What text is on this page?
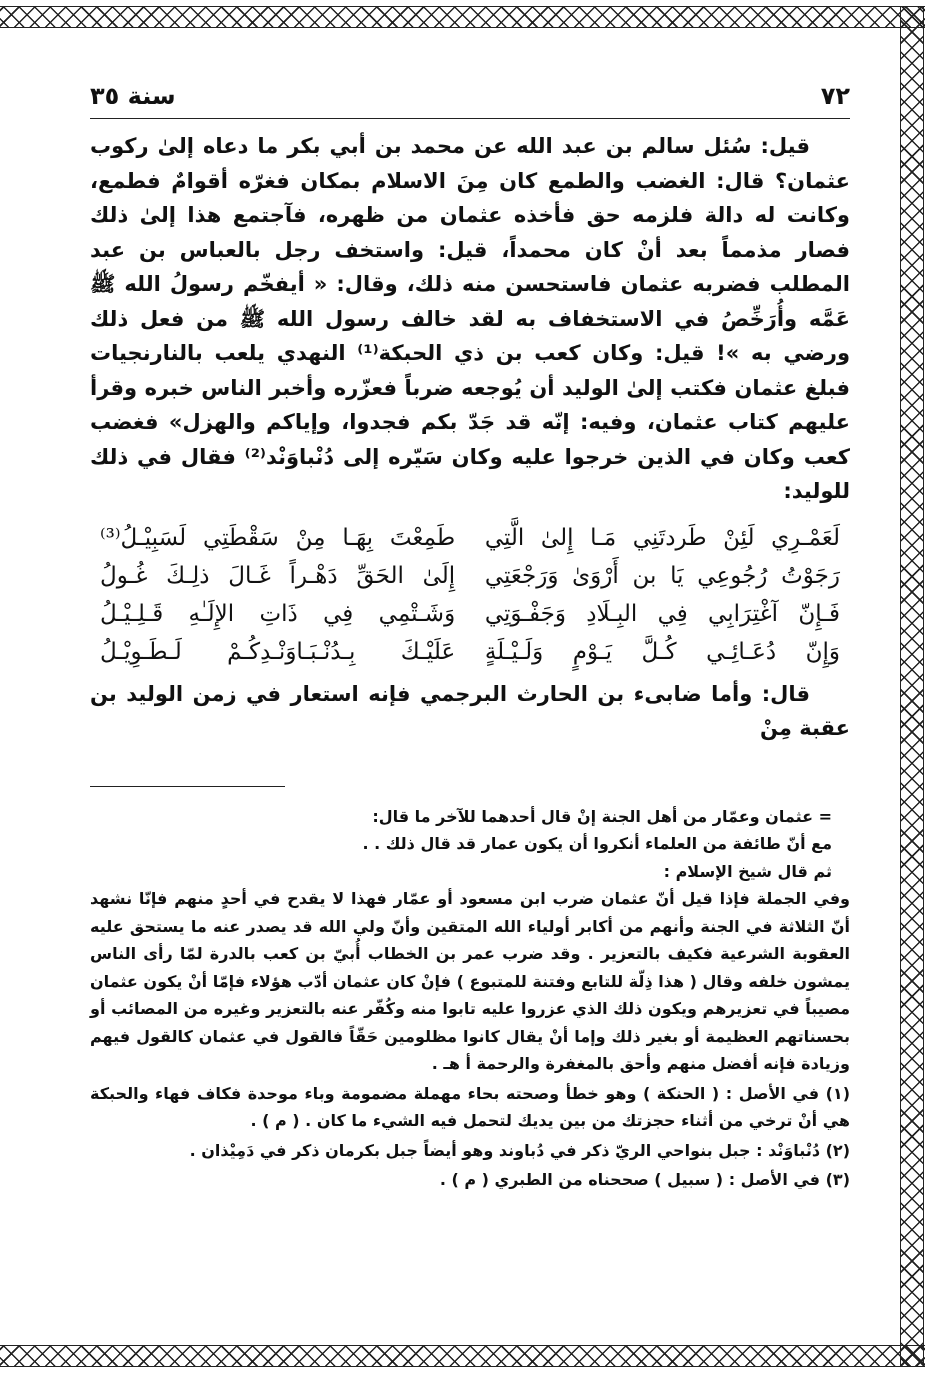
٧٢
سنة ٣٥

قيل: سُئل سالم بن عبد الله عن محمد بن أبي بكر ما دعاه إلىٰ ركوب عثمان؟ قال: الغضب والطمع كان مِنَ الاسلام بمكان فغرّه أقوامٌ فطمع، وكانت له دالة فلزمه حق فأخذه عثمان من ظهره، فآجتمع هذا إلىٰ ذلك فصار مذمماً بعد أنْ كان محمداً، قيل: واستخف رجل بالعباس بن عبد المطلب فضربه عثمان فاستحسن منه ذلك، وقال: « أيفخّم رسولُ الله ﷺ عَمَّه وأُرَخِّصُ في الاستخفاف به لقد خالف رسول الله ﷺ من فعل ذلك ورضي به »! قيل: وكان كعب بن ذي الحبكة⁽¹⁾ النهدي يلعب بالنارنجيات فبلغ عثمان فكتب إلىٰ الوليد أن يُوجعه ضرباً فعزّره وأخبر الناس خبره وقرأ عليهم كتاب عثمان، وفيه: إنّه قد جَدّ بكم فجدوا، وإياكم والهزل» فغضب كعب وكان في الذين خرجوا عليه وكان سَيّره إلى دُنْباوَنْد⁽²⁾ فقال في ذلك للوليد:

لَعَمْـرِي لَئِنْ طَردتَنِي مَـا إِلىٰ الَّتِي
طَمِعْتَ بِهَـا مِنْ سَقْطَتِي لَسَبِيْـلُ⁽³⁾
رَجَوْتُ رُجُوعِي يَا بن أَرْوَىٰ وَرَجْعَتِي
إِلَىٰ الحَقِّ دَهْـراً غَـالَ ذلِـكَ غُـولُ
فَـإِنّ آغْتِرَابِي فِي البِـلَادِ وَجَفْـوَتِي
وَشَـتْمِي فِي ذَاتِ الإِلَـٰهِ قَـلِـيْـلُ
وَإِنّ دُعَـائِـي كُـلَّ يَـوْمٍ وَلَـيْـلَةٍ
عَلَيْـكَ بِـدُنْـبَـاوَنْـدِكُـمْ لَـطَـوِيْـلُ

قال: وأما ضابىء بن الحارث البرجمي فإنه استعار في زمن الوليد بن عقبة مِنْ

= عثمان وعمّار من أهل الجنة إنْ قال أحدهما للآخر ما قال:

مع أنّ طائفة من العلماء أنكروا أن يكون عمار قد قال ذلك . .

ثم قال شيخ الإسلام :

وفي الجملة فإذا قيل أنّ عثمان ضرب ابن مسعود أو عمّار فهذا لا يقدح في أحدٍ منهم فإنّا نشهد أنّ الثلاثة في الجنة وأنهم من أكابر أولياء الله المتقين وأنّ ولي الله قد يصدر عنه ما يستحق عليه العقوبة الشرعية فكيف بالتعزير . وقد ضرب عمر بن الخطاب أُبيّ بن كعب بالدرة لمّا رأى الناس يمشون خلفه وقال ( هذا ذِلّة للتابع وفتنة للمتبوع ) فإنْ كان عثمان أدّب هؤلاء فإمّا أنْ يكون عثمان مصيباً في تعزيرهم ويكون ذلك الذي عزروا عليه تابوا منه وكُفّر عنه بالتعزير وغيره من المصائب أو بحسناتهم العظيمة أو بغير ذلك وإما أنْ يقال كانوا مظلومين حَقّاً فالقول في عثمان كالقول فيهم وزيادة فإنه أفضل منهم وأحق بالمغفرة والرحمة أ هـ .

(١) في الأصل : ( الحنكة ) وهو خطأ وصحته بحاء مهملة مضمومة وباء موحدة فكاف فهاء والحبكة هي أنْ ترخي من أثناء حجزتك من بين يديك لتحمل فيه الشيء ما كان . ( م ) .

(٢) دُنْباوَنْد : جبل بنواحي الريّ ذكر في دُباوند وهو أيضاً جبل بكرمان ذكر في دَمِيْذان .

(٣) في الأصل : ( سبيل ) صححناه من الطبري ( م ) .
